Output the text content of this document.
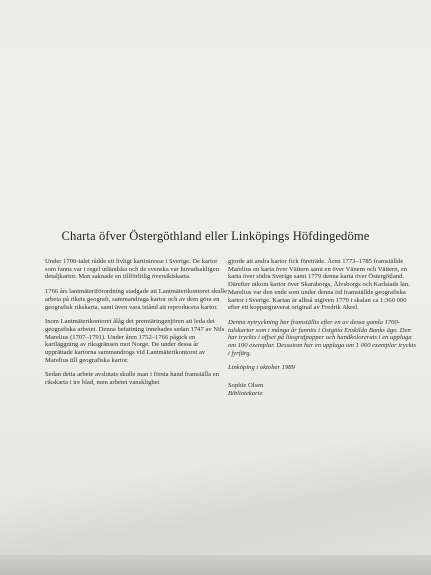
Charta öfver Östergöthland eller Linköpings Höfdingedöme

Under 1700-talet rådde ett livligt kartintresse i Sverige. De kartor som fanns var i regel utländska och de svenska var huvudsakligen detaljkartor. Man saknade en tillförlitlig översiktskarta.

1766 års lantmäteriförordning stadgade att Lantmäterikontoret skulle arbeta på rikets geografi, sammandraga kartor och av dem göra en geografisk rikskarta, samt även vara istånd att reproducera kartor.

Inom Lantmäterikontoret ålåg det premiäringenjören att leda det geografiska arbetet. Denna befattning innehades sedan 1747 av Nils Marelius (1707–1791). Under åren 1752–1766 pågick en kartläggning av riksgränsen mot Norge. De under dessa år upprättade kartorna sammandrogs vid Lantmäterikontoret av Marelius till geografiska kartor.

Sedan detta arbete avslutats skulle man i första hand framställa en rikskarta i tre blad, men arbetet vansklighet

gjorde att andra kartor fick företräde. Åren 1773–1785 framställde Marelius en karta över Vättern samt en över Vänern och Vättern, en karta över södra Sverige samt 1779 denna karta över Östergötland. Därefter utkom kartor över Skaraborgs, Älvsborgs och Karlstads län. Marelius var den ende som under denna tid framställde geografiska kartor i Sverige. Kartan är alltså utgiven 1779 i skalan ca 1:360 000 efter ett koppargraverat original av Fredrik Akrel.

Denna nytryckning har framställts efter en av dessa gamla 1700-talskartor som i många år funnits i Östgöta Enskilda Banks ägo. Den har tryckts i offset på litografpapper och handkolorerats i en upplaga om 100 exemplar. Dessutom har en upplaga om 1 000 exemplar tryckts i fyrfärg.

Linköping i oktober 1989

Sophie Olsen
Bibliotekarie
